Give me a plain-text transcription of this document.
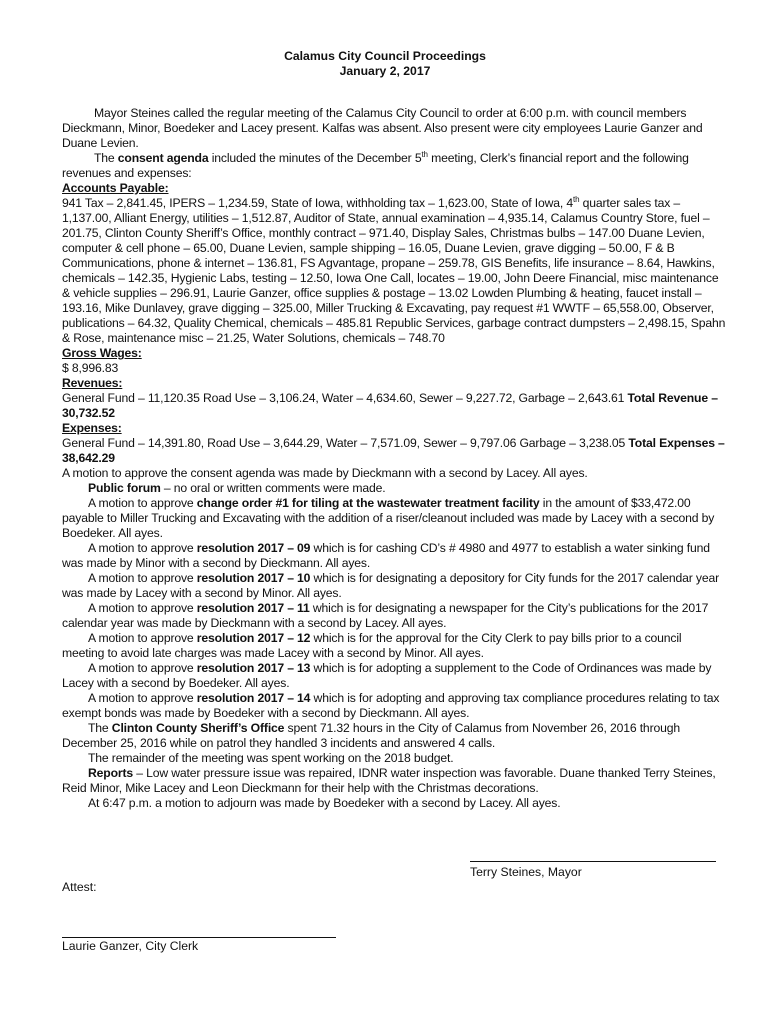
Calamus City Council Proceedings
January 2, 2017

Mayor Steines called the regular meeting of the Calamus City Council to order at 6:00 p.m. with council members Dieckmann, Minor, Boedeker and Lacey present. Kalfas was absent. Also present were city employees Laurie Ganzer and Duane Levien.

The consent agenda included the minutes of the December 5th meeting, Clerk’s financial report and the following revenues and expenses:

Accounts Payable:

941 Tax – 2,841.45, IPERS – 1,234.59, State of Iowa, withholding tax – 1,623.00, State of Iowa, 4th quarter sales tax – 1,137.00, Alliant Energy, utilities – 1,512.87, Auditor of State, annual examination – 4,935.14, Calamus Country Store, fuel – 201.75, Clinton County Sheriff’s Office, monthly contract – 971.40, Display Sales, Christmas bulbs – 147.00 Duane Levien, computer & cell phone – 65.00, Duane Levien, sample shipping – 16.05, Duane Levien, grave digging – 50.00, F & B Communications, phone & internet – 136.81, FS Agvantage, propane – 259.78, GIS Benefits, life insurance – 8.64, Hawkins, chemicals – 142.35, Hygienic Labs, testing – 12.50, Iowa One Call, locates – 19.00, John Deere Financial, misc maintenance & vehicle supplies – 296.91, Laurie Ganzer, office supplies & postage – 13.02 Lowden Plumbing & heating, faucet install – 193.16, Mike Dunlavey, grave digging – 325.00, Miller Trucking & Excavating, pay request #1 WWTF – 65,558.00, Observer, publications – 64.32, Quality Chemical, chemicals – 485.81 Republic Services, garbage contract dumpsters – 2,498.15, Spahn & Rose, maintenance misc – 21.25, Water Solutions, chemicals – 748.70

Gross Wages:

$ 8,996.83

Revenues:

General Fund – 11,120.35 Road Use – 3,106.24, Water – 4,634.60, Sewer – 9,227.72, Garbage – 2,643.61 Total Revenue – 30,732.52

Expenses:

General Fund – 14,391.80, Road Use – 3,644.29, Water – 7,571.09, Sewer – 9,797.06 Garbage – 3,238.05 Total Expenses – 38,642.29

A motion to approve the consent agenda was made by Dieckmann with a second by Lacey. All ayes.

Public forum – no oral or written comments were made.

A motion to approve change order #1 for tiling at the wastewater treatment facility in the amount of $33,472.00 payable to Miller Trucking and Excavating with the addition of a riser/cleanout included was made by Lacey with a second by Boedeker. All ayes.

A motion to approve resolution 2017 – 09 which is for cashing CD’s # 4980 and 4977 to establish a water sinking fund was made by Minor with a second by Dieckmann. All ayes.

A motion to approve resolution 2017 – 10 which is for designating a depository for City funds for the 2017 calendar year was made by Lacey with a second by Minor. All ayes.

A motion to approve resolution 2017 – 11 which is for designating a newspaper for the City’s publications for the 2017 calendar year was made by Dieckmann with a second by Lacey. All ayes.

A motion to approve resolution 2017 – 12 which is for the approval for the City Clerk to pay bills prior to a council meeting to avoid late charges was made Lacey with a second by Minor. All ayes.

A motion to approve resolution 2017 – 13 which is for adopting a supplement to the Code of Ordinances was made by Lacey with a second by Boedeker. All ayes.

A motion to approve resolution 2017 – 14 which is for adopting and approving tax compliance procedures relating to tax exempt bonds was made by Boedeker with a second by Dieckmann. All ayes.

The Clinton County Sheriff’s Office spent 71.32 hours in the City of Calamus from November 26, 2016 through December 25, 2016 while on patrol they handled 3 incidents and answered 4 calls.

The remainder of the meeting was spent working on the 2018 budget.

Reports – Low water pressure issue was repaired, IDNR water inspection was favorable. Duane thanked Terry Steines, Reid Minor, Mike Lacey and Leon Dieckmann for their help with the Christmas decorations.

At 6:47 p.m. a motion to adjourn was made by Boedeker with a second by Lacey. All ayes.

Terry Steines, Mayor
Attest:
Laurie Ganzer, City Clerk
